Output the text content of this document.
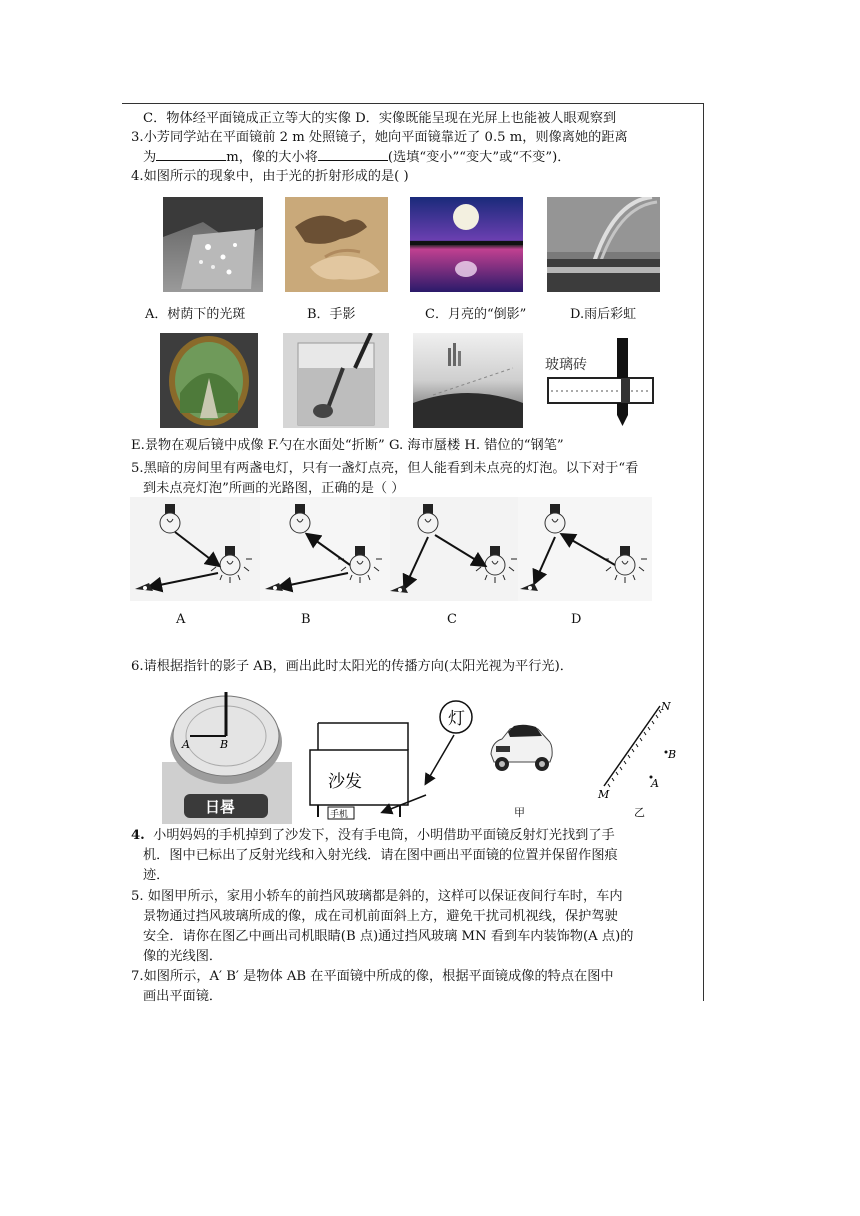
C．物体经平面镜成正立等大的实像 D．实像既能呈现在光屏上也能被人眼观察到
3.小芳同学站在平面镜前 2 m 处照镜子，她向平面镜靠近了 0.5 m，则像离她的距离
为	m，像的大小将	(选填“变小”“变大”或“不变”)．
4.如图所示的现象中，由于光的折射形成的是( )
A．树荫下的光斑	B．手影	C．月亮的“倒影”	D.雨后彩虹
玻璃砖
E.景物在观后镜中成像 F.勺在水面处“折断” G. 海市蜃楼 H. 错位的“钢笔”
5.黑暗的房间里有两盏电灯，只有一盏灯点亮，但人能看到未点亮的灯泡。以下对于“看
到未点亮灯泡”所画的光路图，正确的是（ ）
A	B	C	D
6.请根据指针的影子 AB，画出此时太阳光的传播方向(太阳光视为平行光)．
A	B
日晷
沙发
手机
灯
甲
N
M
B
A
乙
4. 小明妈妈的手机掉到了沙发下，没有手电筒，小明借助平面镜反射灯光找到了手
机．图中已标出了反射光线和入射光线．请在图中画出平面镜的位置并保留作图痕
迹．
5. 如图甲所示，家用小轿车的前挡风玻璃都是斜的，这样可以保证夜间行车时，车内
景物通过挡风玻璃所成的像，成在司机前面斜上方，避免干扰司机视线，保护驾驶
安全．请你在图乙中画出司机眼睛(B 点)通过挡风玻璃 MN 看到车内装饰物(A 点)的
像的光线图．
7.如图所示，A′ B′ 是物体 AB 在平面镜中所成的像，根据平面镜成像的特点在图中
画出平面镜．
